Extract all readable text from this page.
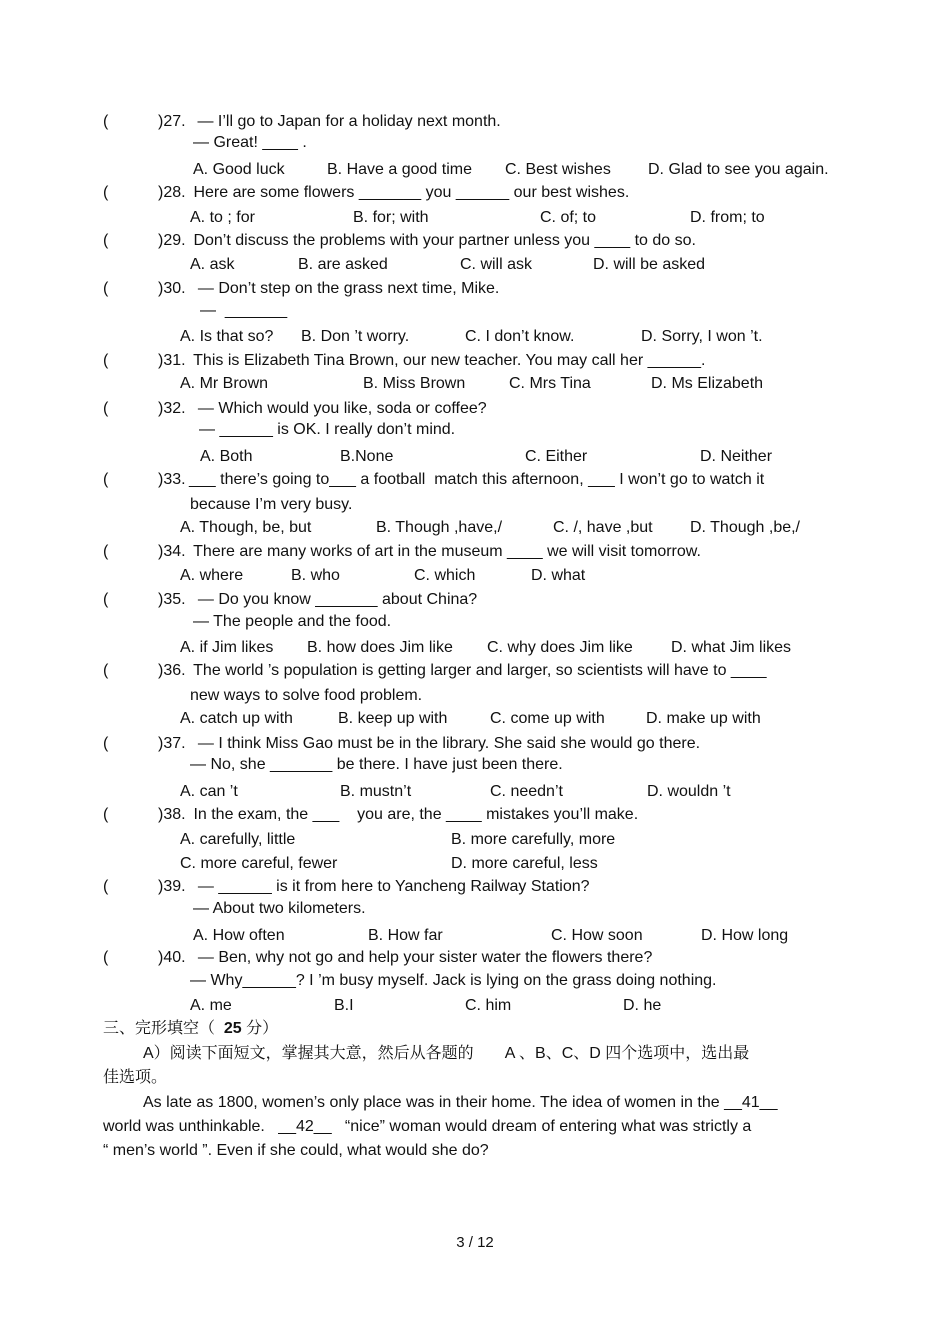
(	)27. — I’ll go to Japan for a holiday next month.
— Great! ____ .
A. Good luck	B. Have a good time C. Best wishes D. Glad to see you again.
(	)28. Here are some flowers _______ you ______ our best wishes.
A. to ; for	B. for; with	C. of; to	D. from; to
(	)29. Don’t discuss the problems with your partner unless you ____ to do so.
A. ask	B. are asked	C. will ask	D. will be asked
(	)30. — Don’t step on the grass next time, Mike.
—  _______
A. Is that so? B. Don ’t worry.	C. I don’t know.	D. Sorry, I won ’t.
(	)31. This is Elizabeth Tina Brown, our new teacher. You may call her ______.
A. Mr Brown	B. Miss Brown	C. Mrs Tina	D. Ms Elizabeth
(	)32. — Which would you like, soda or coffee?
— ______ is OK. I really don’t mind.
A. Both	B.None	C. Either	D. Neither
(	)33. ___ there’s going to___ a football  match this afternoon, ___ I won’t go to watch it
because I’m very busy.
A. Though, be, but	B. Though ,have,/	C. /, have ,but D. Though ,be,/
(	)34. There are many works of art in the museum ____ we will visit tomorrow.
A. where	B. who	C. which	D. what
(	)35. — Do you know _______ about China?
— The people and the food.
A. if Jim likes B. how does Jim like C. why does Jim like D. what Jim likes
(	)36. The world ’s population is getting larger and larger, so scientists will have to ____
new ways to solve food problem.
A. catch up with	B. keep up with	C. come up with	D. make up with
(	)37. — I think Miss Gao must be in the library. She said she would go there.
— No, she _______ be there. I have just been there.
A. can ’t	B. mustn’t	C. needn’t	D. wouldn ’t
(	)38. In the exam, the ___    you are, the ____ mistakes you’ll make.
A. carefully, little	B. more carefully, more
C. more careful, fewer	D. more careful, less
(	)39. — ______ is it from here to Yancheng Railway Station?
— About two kilometers.
A. How often	B. How far	C. How soon	D. How long
(	)40. — Ben, why not go and help your sister water the flowers there?
— Why______? I ’m busy myself. Jack is lying on the grass doing nothing.
A. me	B.I	C. him	D. he
三、完形填空（  25 分）
A）阅读下面短文，掌握其大意，然后从各题的       A 、B、C、D 四个选项中，选出最
佳选项。
As late as 1800, women’s only place was in their home. The idea of women in the __41__
world was unthinkable.   __42__   “nice” woman would dream of entering what was strictly a
“ men’s world ”. Even if she could, what would she do?
3 / 12
